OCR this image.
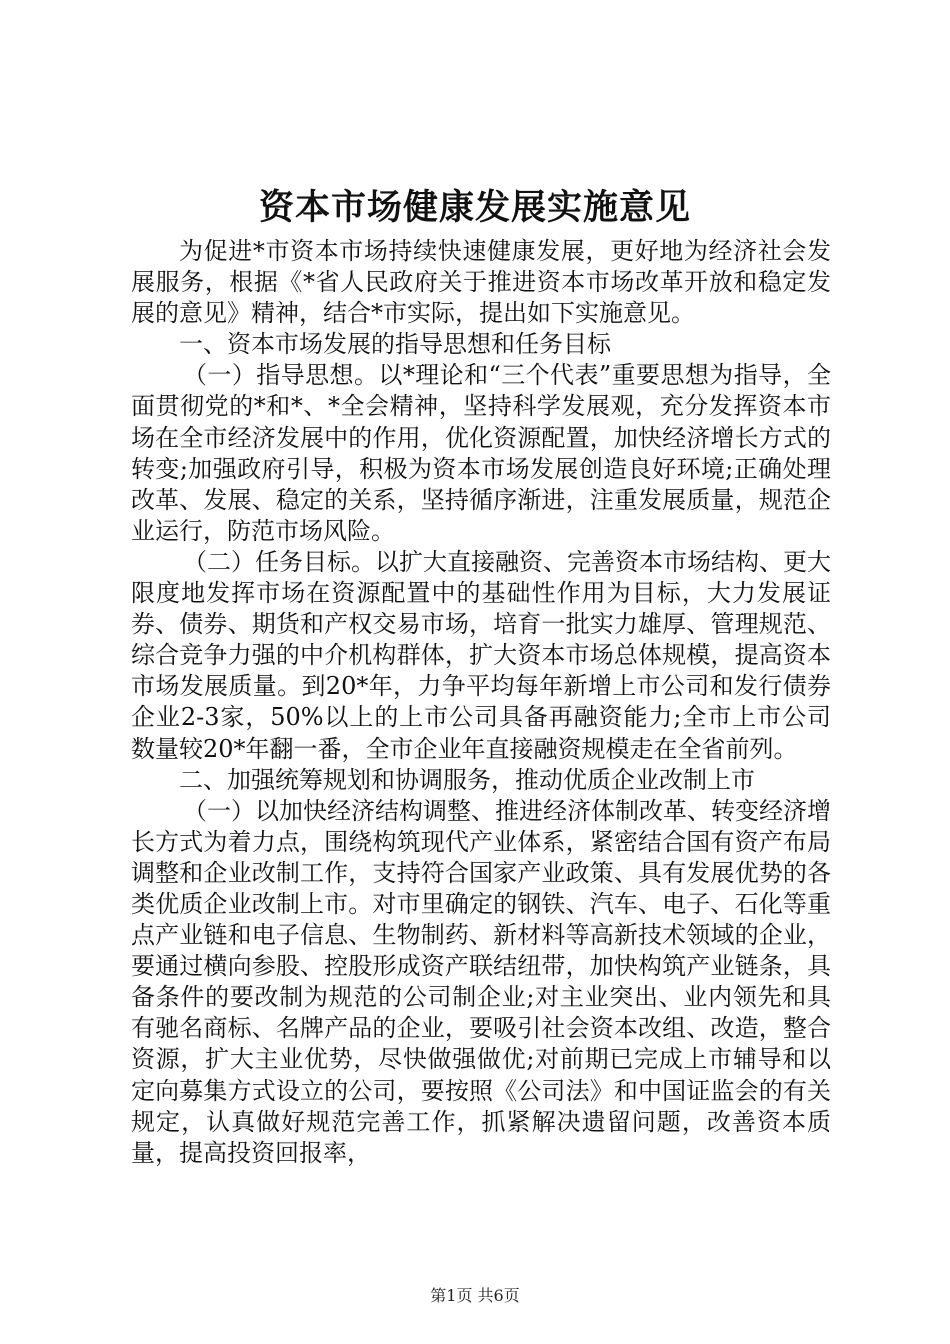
资本市场健康发展实施意见

为促进*市资本市场持续快速健康发展，更好地为经济社会发展服务，根据《*省人民政府关于推进资本市场改革开放和稳定发展的意见》精神，结合*市实际，提出如下实施意见。

一、资本市场发展的指导思想和任务目标

（一）指导思想。以*理论和“三个代表”重要思想为指导，全面贯彻党的*和*、*全会精神，坚持科学发展观，充分发挥资本市场在全市经济发展中的作用，优化资源配置，加快经济增长方式的转变;加强政府引导，积极为资本市场发展创造良好环境;正确处理改革、发展、稳定的关系，坚持循序渐进，注重发展质量，规范企业运行，防范市场风险。

（二）任务目标。以扩大直接融资、完善资本市场结构、更大限度地发挥市场在资源配置中的基础性作用为目标，大力发展证券、债券、期货和产权交易市场，培育一批实力雄厚、管理规范、综合竞争力强的中介机构群体，扩大资本市场总体规模，提高资本市场发展质量。到20*年，力争平均每年新增上市公司和发行债券企业2-3家，50%以上的上市公司具备再融资能力;全市上市公司数量较20*年翻一番，全市企业年直接融资规模走在全省前列。

二、加强统筹规划和协调服务，推动优质企业改制上市

（一）以加快经济结构调整、推进经济体制改革、转变经济增长方式为着力点，围绕构筑现代产业体系，紧密结合国有资产布局调整和企业改制工作，支持符合国家产业政策、具有发展优势的各类优质企业改制上市。对市里确定的钢铁、汽车、电子、石化等重点产业链和电子信息、生物制药、新材料等高新技术领域的企业，要通过横向参股、控股形成资产联结纽带，加快构筑产业链条，具备条件的要改制为规范的公司制企业;对主业突出、业内领先和具有驰名商标、名牌产品的企业，要吸引社会资本改组、改造，整合资源，扩大主业优势，尽快做强做优;对前期已完成上市辅导和以定向募集方式设立的公司，要按照《公司法》和中国证监会的有关规定，认真做好规范完善工作，抓紧解决遗留问题，改善资本质量，提高投资回报率，

第1页 共6页
